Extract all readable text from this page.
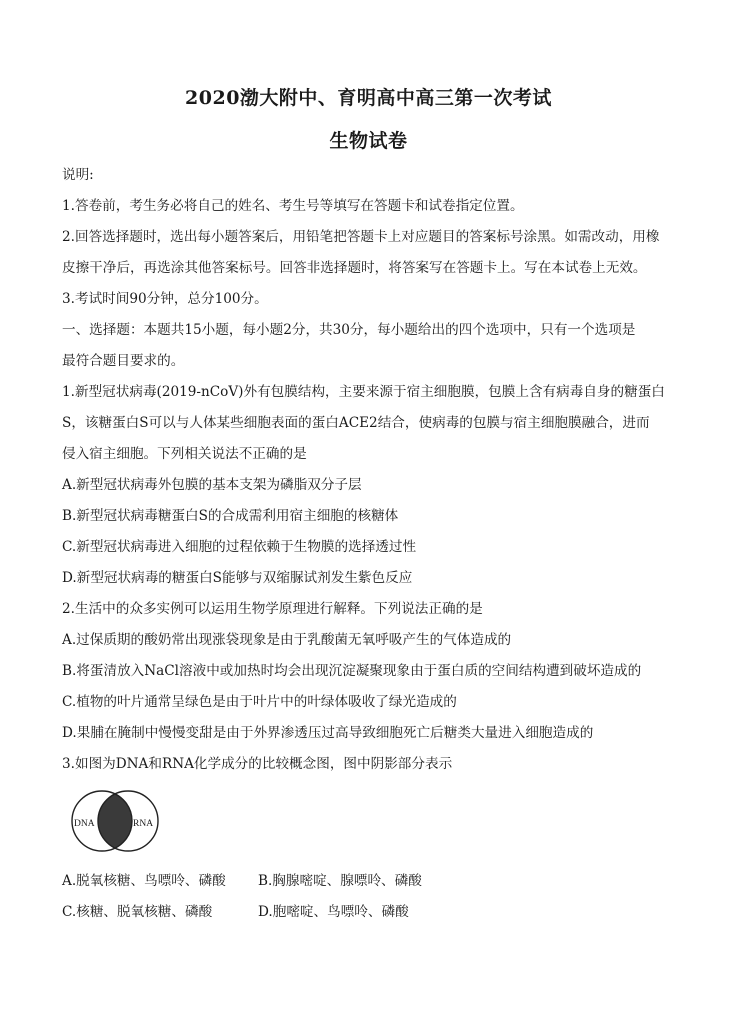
2020渤大附中、育明高中高三第一次考试
生物试卷
说明:
1.答卷前，考生务必将自己的姓名、考生号等填写在答题卡和试卷指定位置。
2.回答选择题时，选出每小题答案后，用铅笔把答题卡上对应题目的答案标号涂黑。如需改动，用橡
皮擦干净后，再选涂其他答案标号。回答非选择题时，将答案写在答题卡上。写在本试卷上无效。
3.考试时间90分钟，总分100分。
一、选择题：本题共15小题，每小题2分，共30分，每小题给出的四个选项中，只有一个选项是
最符合题目要求的。
1.新型冠状病毒(2019-nCoV)外有包膜结构，主要来源于宿主细胞膜，包膜上含有病毒自身的糖蛋白
S，该糖蛋白S可以与人体某些细胞表面的蛋白ACE2结合，使病毒的包膜与宿主细胞膜融合，进而
侵入宿主细胞。下列相关说法不正确的是
A.新型冠状病毒外包膜的基本支架为磷脂双分子层
B.新型冠状病毒糖蛋白S的合成需利用宿主细胞的核糖体
C.新型冠状病毒进入细胞的过程依赖于生物膜的选择透过性
D.新型冠状病毒的糖蛋白S能够与双缩脲试剂发生紫色反应
2.生活中的众多实例可以运用生物学原理进行解释。下列说法正确的是
A.过保质期的酸奶常出现涨袋现象是由于乳酸菌无氧呼吸产生的气体造成的
B.将蛋清放入NaCl溶液中或加热时均会出现沉淀凝聚现象由于蛋白质的空间结构遭到破坏造成的
C.植物的叶片通常呈绿色是由于叶片中的叶绿体吸收了绿光造成的
D.果脯在腌制中慢慢变甜是由于外界渗透压过高导致细胞死亡后糖类大量进入细胞造成的
3.如图为DNA和RNA化学成分的比较概念图，图中阴影部分表示
DNA	RNA
A.脱氧核糖、鸟嘌呤、磷酸 B.胸腺嘧啶、腺嘌呤、磷酸
C.核糖、脱氧核糖、磷酸	D.胞嘧啶、鸟嘌呤、磷酸
